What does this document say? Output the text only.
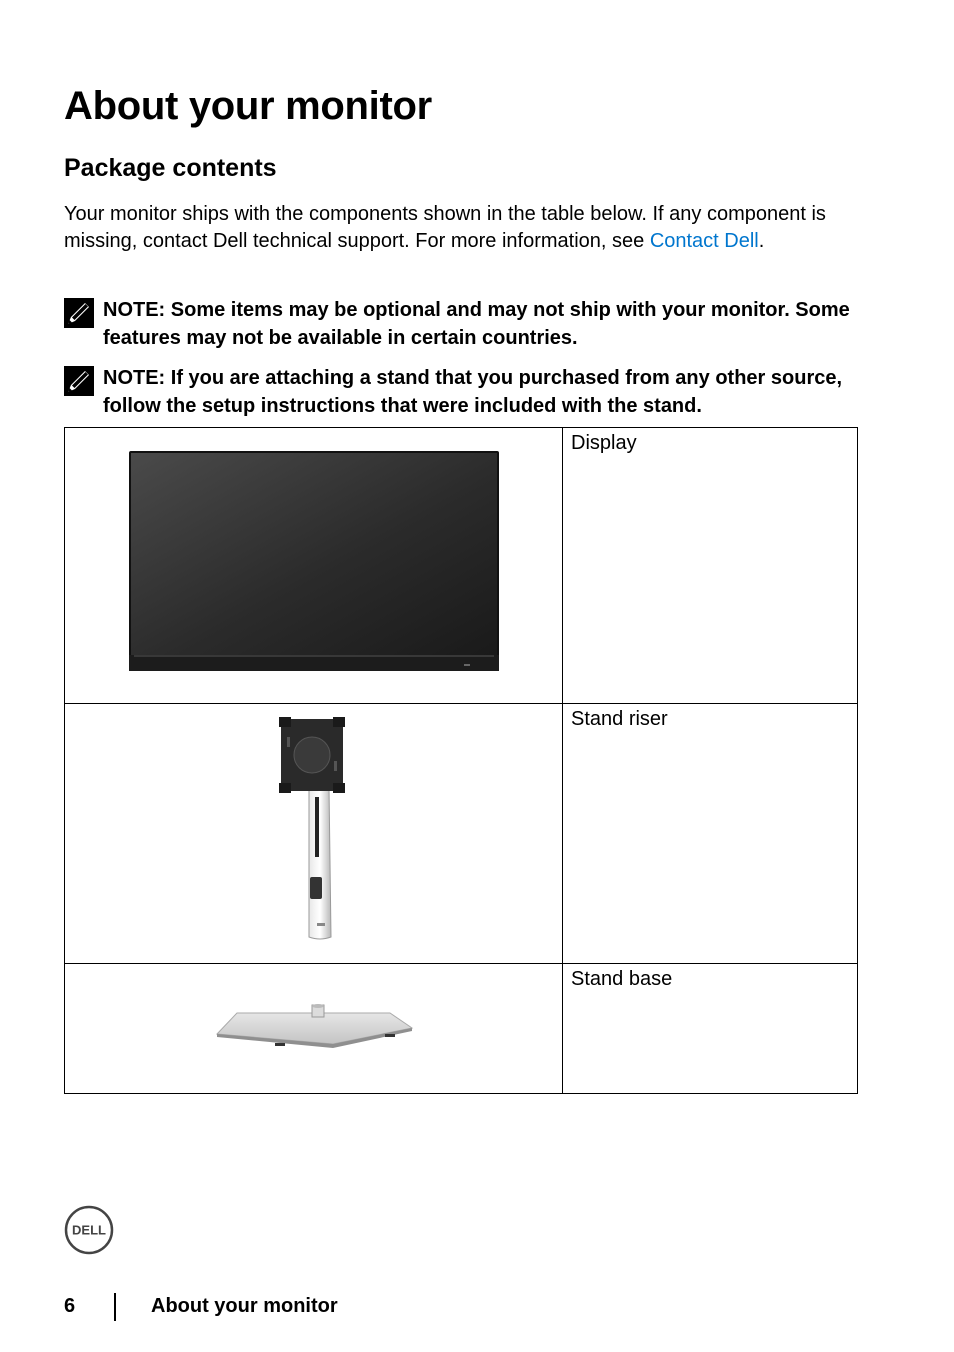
About your monitor
Package contents

Your monitor ships with the components shown in the table below. If any component is missing, contact Dell technical support. For more information, see Contact Dell.

NOTE: Some items may be optional and may not ship with your monitor. Some features may not be available in certain countries.
NOTE: If you are attaching a stand that you purchased from any other source, follow the setup instructions that were included with the stand.
	Display

	Stand riser

	Stand base
DELL
6	About your monitor
